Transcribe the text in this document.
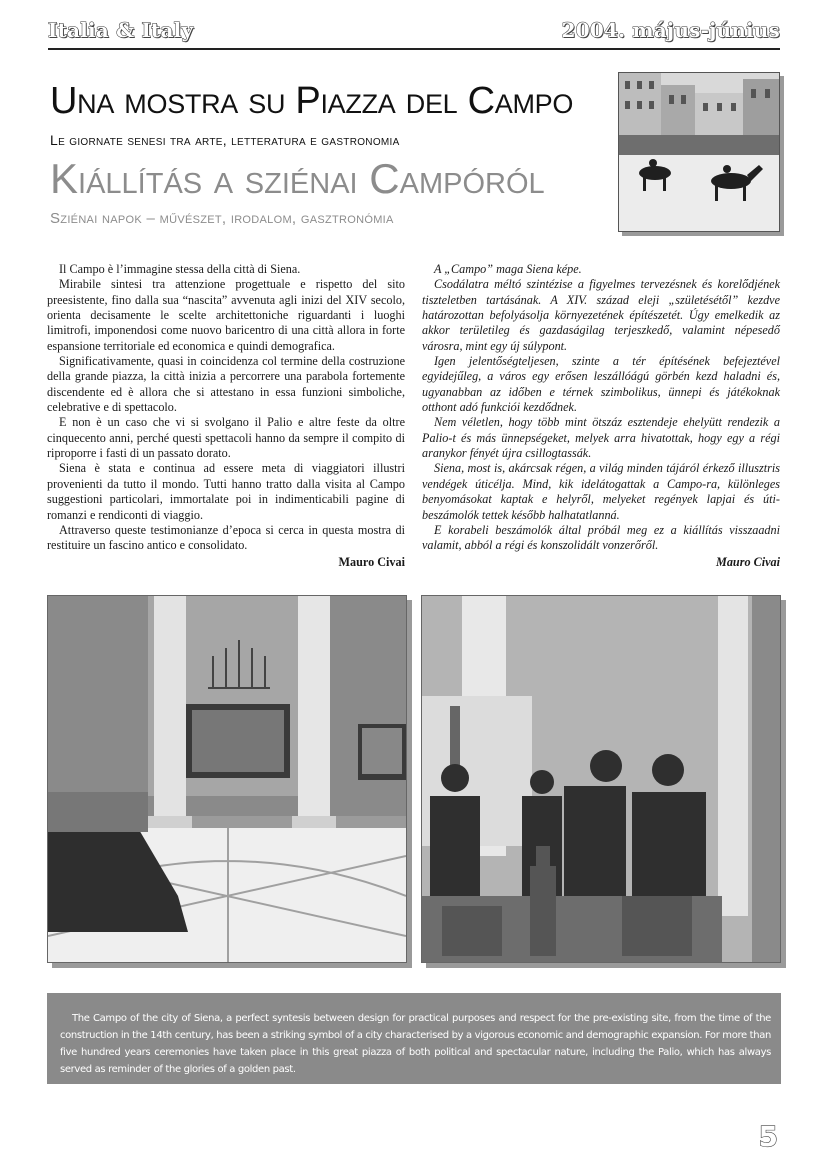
Italia & Italy	2004. május-június
Una mostra su Piazza del Campo
Le giornate senesi tra arte, letteratura e gastronomia
Kiállítás a sziénai Campóról
Sziénai napok – művészet, irodalom, gasztronómia

Il Campo è l’immagine stessa della città di Siena.

Mirabile sintesi tra attenzione progettuale e rispetto del sito preesistente, fino dalla sua “nascita” avvenuta agli inizi del XIV secolo, orienta decisamente le scelte architettoniche riguardanti i luoghi limitrofi, imponendosi come nuovo baricentro di una città allora in forte espansione territoriale ed economica e quindi demografica.

Significativamente, quasi in coincidenza col termine della costruzione della grande piazza, la città inizia a percorrere una parabola fortemente discendente ed è allora che si attestano in essa funzioni simboliche, celebrative e di spettacolo.

E non è un caso che vi si svolgano il Palio e altre feste da oltre cinquecento anni, perché questi spettacoli hanno da sempre il compito di riproporre i fasti di un passato dorato.

Siena è stata e continua ad essere meta di viaggiatori illustri provenienti da tutto il mondo. Tutti hanno tratto dalla visita al Campo suggestioni particolari, immortalate poi in indimenticabili pagine di romanzi e rendiconti di viaggio.

Attraverso queste testimonianze d’epoca si cerca in questa mostra di restituire un fascino antico e consolidato.

Mauro Civai

A „Campo” maga Siena képe.

Csodálatra méltó szintézise a figyelmes tervezésnek és korelődjének tiszteletben tartásának. A XIV. század eleji „születésétől” kezdve határozottan befolyásolja környezetének építészetét. Úgy emelkedik az akkor területileg és gazdaságilag terjeszkedő, valamint népesedő városra, mint egy új súlypont.

Igen jelentőségteljesen, szinte a tér építésének befejeztével egyidejűleg, a város egy erősen leszállóágú görbén kezd haladni és, ugyanabban az időben e térnek szimbolikus, ünnepi és játékoknak otthont adó funkciói kezdődnek.

Nem véletlen, hogy több mint ötszáz esztendeje ehelyütt rendezik a Palio-t és más ünnepségeket, melyek arra hivatottak, hogy egy a régi aranykor fényét újra csillogtassák.

Siena, most is, akárcsak régen, a világ minden tájáról érkező illusztris vendégek úticélja. Mind, kik idelátogattak a Campo-ra, különleges benyomásokat kaptak e helyről, melyeket regények lapjai és úti-beszámolók tettek később halhatatlanná.

E korabeli beszámolók által próbál meg ez a kiállítás visszaadni valamit, abból a régi és konszolidált vonzerőről.

Mauro Civai

The Campo of the city of Siena, a perfect syntesis between design for practical purposes and respect for the pre-existing site, from the time of the construction in the 14th century, has been a striking symbol of a city characterised by a vigorous economic and demographic expansion. For more than five hundred years ceremonies have taken place in this great piazza of both political and spectacular nature, including the Palio, which has always served as reminder of the glories of a golden past.

5
